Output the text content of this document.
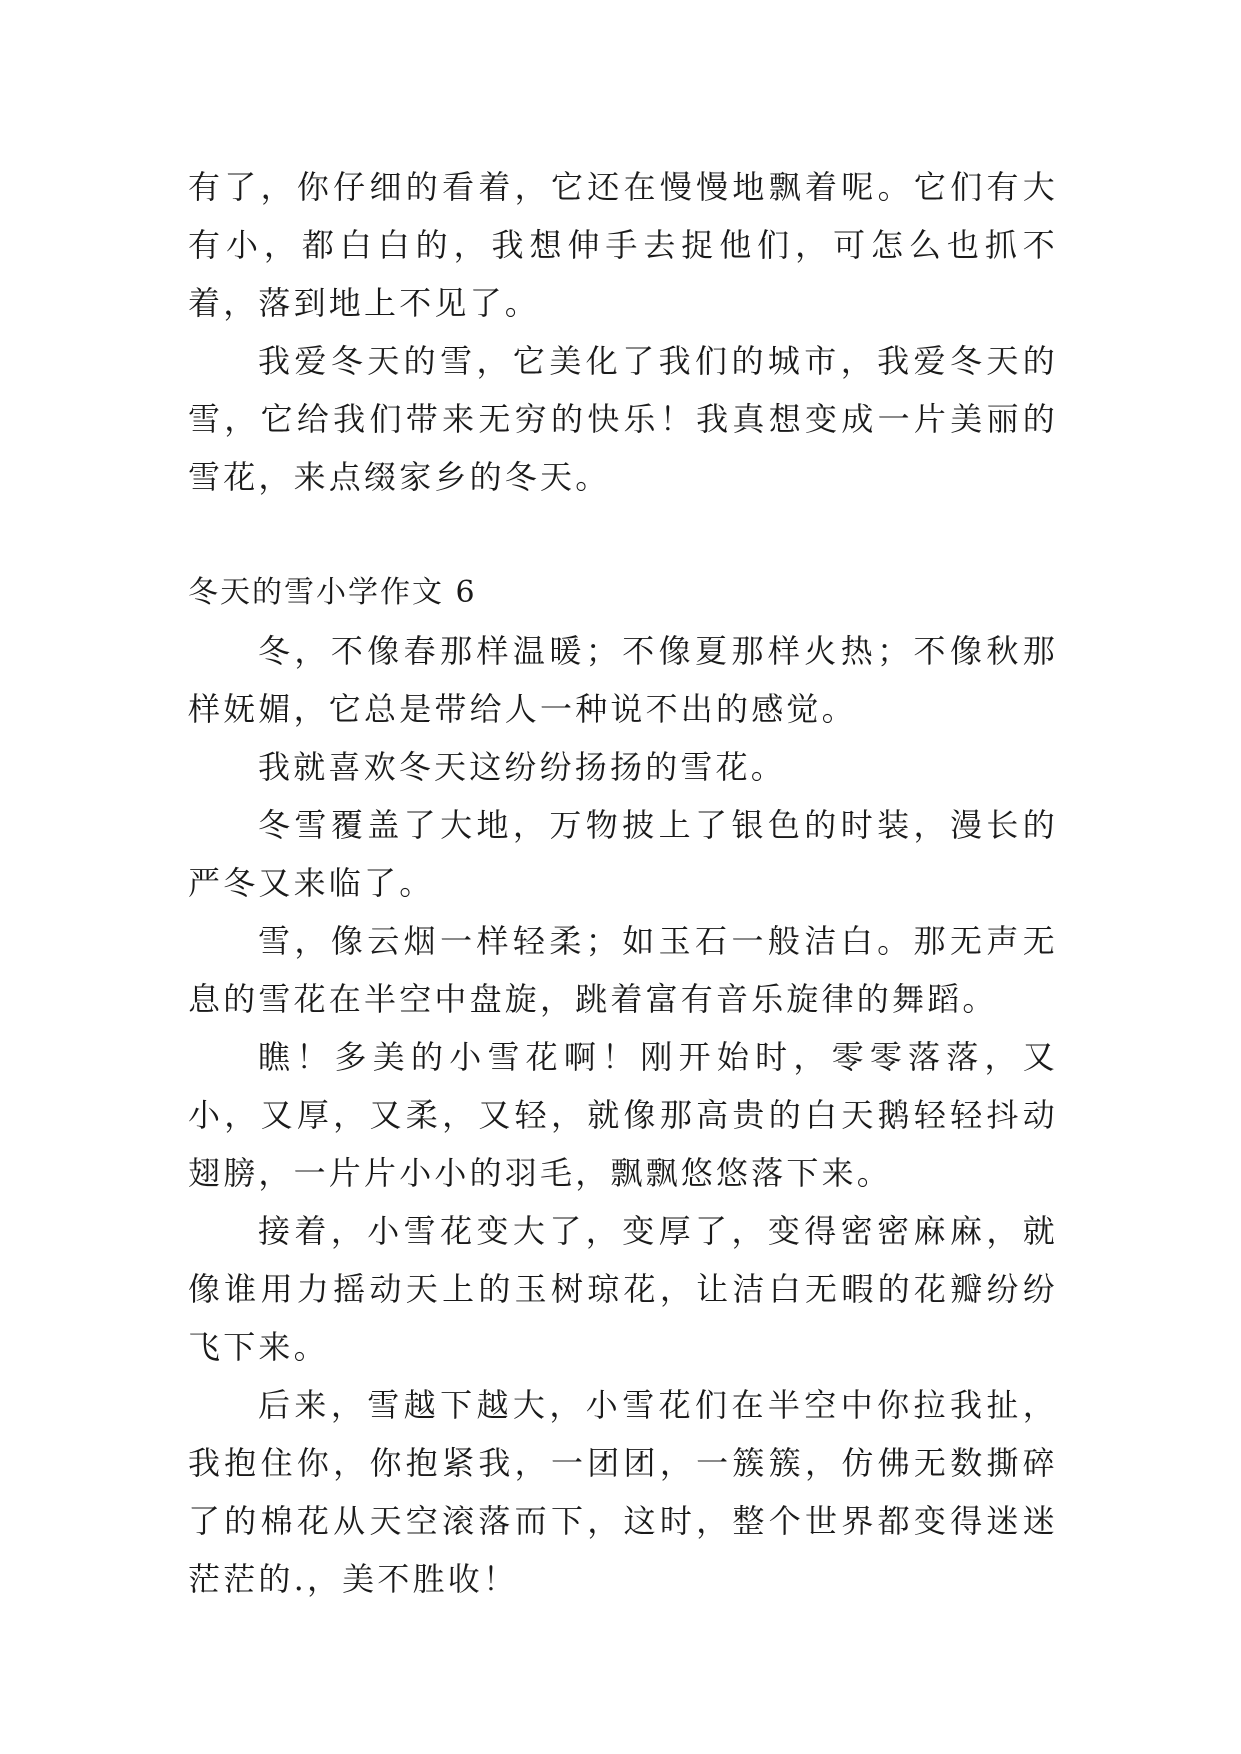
有了，你仔细的看着，它还在慢慢地飘着呢。它们有大有小，都白白的，我想伸手去捉他们，可怎么也抓不着，落到地上不见了。

我爱冬天的雪，它美化了我们的城市，我爱冬天的雪，它给我们带来无穷的快乐！我真想变成一片美丽的雪花，来点缀家乡的冬天。

冬天的雪小学作文 6

冬，不像春那样温暖；不像夏那样火热；不像秋那样妩媚，它总是带给人一种说不出的感觉。

我就喜欢冬天这纷纷扬扬的雪花。

冬雪覆盖了大地，万物披上了银色的时装，漫长的严冬又来临了。

雪，像云烟一样轻柔；如玉石一般洁白。那无声无息的雪花在半空中盘旋，跳着富有音乐旋律的舞蹈。

瞧！多美的小雪花啊！刚开始时，零零落落，又小，又厚，又柔，又轻，就像那高贵的白天鹅轻轻抖动翅膀，一片片小小的羽毛，飘飘悠悠落下来。

接着，小雪花变大了，变厚了，变得密密麻麻，就像谁用力摇动天上的玉树琼花，让洁白无暇的花瓣纷纷飞下来。

后来，雪越下越大，小雪花们在半空中你拉我扯，我抱住你，你抱紧我，一团团，一簇簇，仿佛无数撕碎了的棉花从天空滚落而下，这时，整个世界都变得迷迷茫茫的.，美不胜收！
